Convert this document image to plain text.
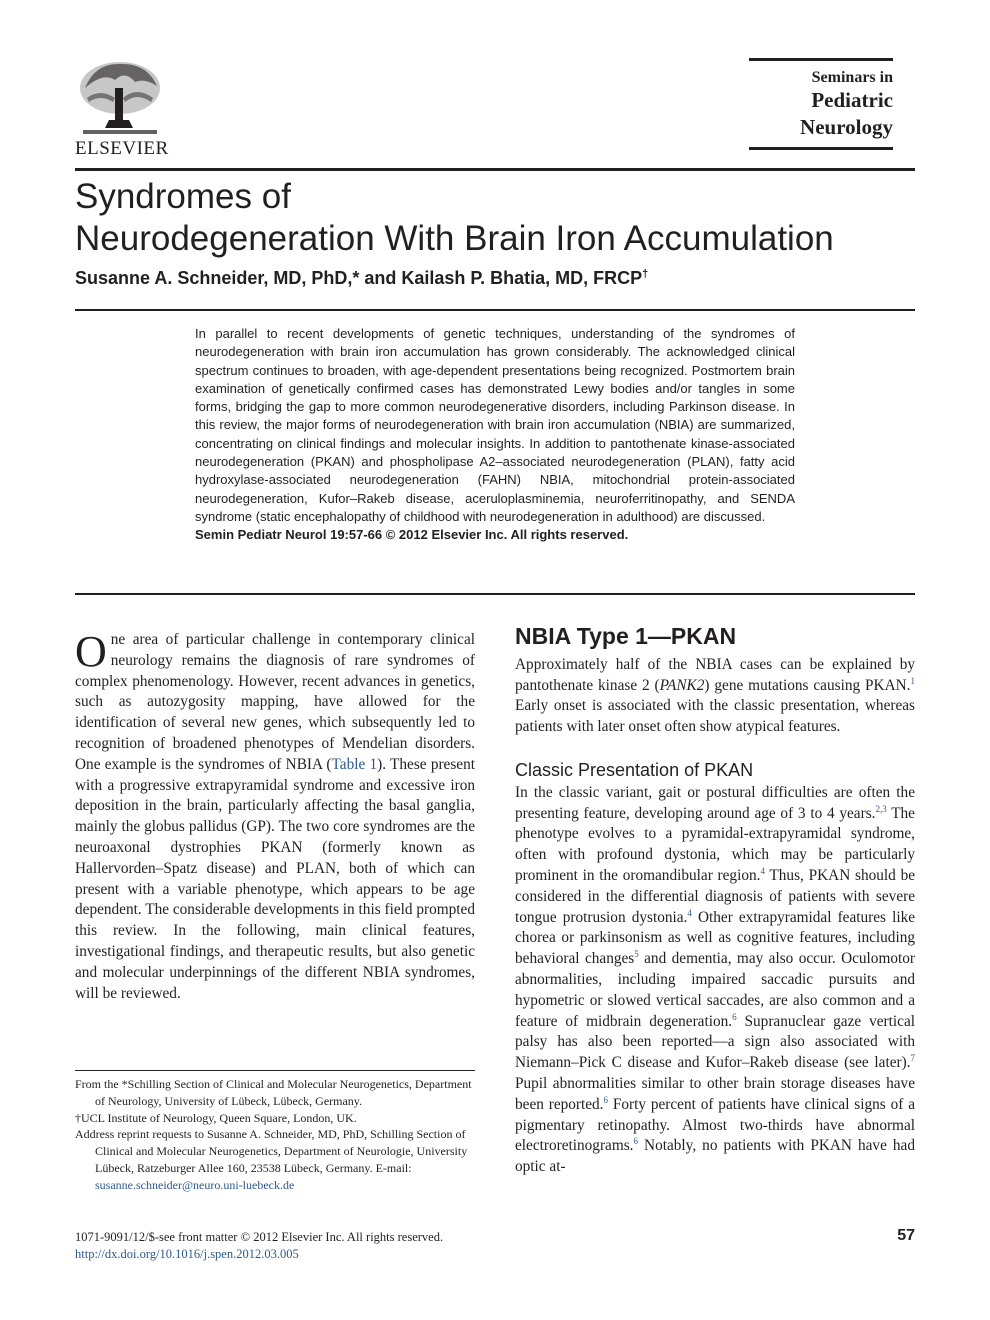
ELSEVIER
Seminars in
Pediatric
Neurology
Syndromes of
Neurodegeneration With Brain Iron Accumulation
Susanne A. Schneider, MD, PhD,* and Kailash P. Bhatia, MD, FRCP†

In parallel to recent developments of genetic techniques, understanding of the syndromes of neurodegeneration with brain iron accumulation has grown considerably. The acknowledged clinical spectrum continues to broaden, with age-dependent presentations being recognized. Postmortem brain examination of genetically confirmed cases has demonstrated Lewy bodies and/or tangles in some forms, bridging the gap to more common neurodegenerative disorders, including Parkinson disease. In this review, the major forms of neurodegeneration with brain iron accumulation (NBIA) are summarized, concentrating on clinical findings and molecular insights. In addition to pantothenate kinase-associated neurodegeneration (PKAN) and phospholipase A2–associated neurodegeneration (PLAN), fatty acid hydroxylase-associated neurodegeneration (FAHN) NBIA, mitochondrial protein-associated neurodegeneration, Kufor–Rakeb disease, aceruloplasminemia, neuroferritinopathy, and SENDA syndrome (static encephalopathy of childhood with neurodegeneration in adulthood) are discussed.

Semin Pediatr Neurol 19:57-66 © 2012 Elsevier Inc. All rights reserved.

One area of particular challenge in contemporary clinical neurology remains the diagnosis of rare syndromes of complex phenomenology. However, recent advances in genetics, such as autozygosity mapping, have allowed for the identification of several new genes, which subsequently led to recognition of broadened phenotypes of Mendelian disorders. One example is the syndromes of NBIA (Table 1). These present with a progressive extrapyramidal syndrome and excessive iron deposition in the brain, particularly affecting the basal ganglia, mainly the globus pallidus (GP). The two core syndromes are the neuroaxonal dystrophies PKAN (formerly known as Hallervorden–Spatz disease) and PLAN, both of which can present with a variable phenotype, which appears to be age dependent. The considerable developments in this field prompted this review. In the following, main clinical features, investigational findings, and therapeutic results, but also genetic and molecular underpinnings of the different NBIA syndromes, will be reviewed.

From the *Schilling Section of Clinical and Molecular Neurogenetics, Department of Neurology, University of Lübeck, Lübeck, Germany.

†UCL Institute of Neurology, Queen Square, London, UK.

Address reprint requests to Susanne A. Schneider, MD, PhD, Schilling Section of Clinical and Molecular Neurogenetics, Department of Neurologie, University Lübeck, Ratzeburger Allee 160, 23538 Lübeck, Germany. E-mail: susanne.schneider@neuro.uni-luebeck.de

NBIA Type 1—PKAN

Approximately half of the NBIA cases can be explained by pantothenate kinase 2 (PANK2) gene mutations causing PKAN.$^1$ Early onset is associated with the classic presentation, whereas patients with later onset often show atypical features.

Classic Presentation of PKAN

In the classic variant, gait or postural difficulties are often the presenting feature, developing around age of 3 to 4 years.$^{2,3}$ The phenotype evolves to a pyramidal-extrapyramidal syndrome, often with profound dystonia, which may be particularly prominent in the oromandibular region.$^4$ Thus, PKAN should be considered in the differential diagnosis of patients with severe tongue protrusion dystonia.$^4$ Other extrapyramidal features like chorea or parkinsonism as well as cognitive features, including behavioral changes$^5$ and dementia, may also occur. Oculomotor abnormalities, including impaired saccadic pursuits and hypometric or slowed vertical saccades, are also common and a feature of midbrain degeneration.$^6$ Supranuclear gaze vertical palsy has also been reported—a sign also associated with Niemann–Pick C disease and Kufor–Rakeb disease (see later).$^7$ Pupil abnormalities similar to other brain storage diseases have been reported.$^6$ Forty percent of patients have clinical signs of a pigmentary retinopathy. Almost two-thirds have abnormal electroretinograms.$^6$ Notably, no patients with PKAN have had optic at-

1071-9091/12/$-see front matter © 2012 Elsevier Inc. All rights reserved.
http://dx.doi.org/10.1016/j.spen.2012.03.005
57
